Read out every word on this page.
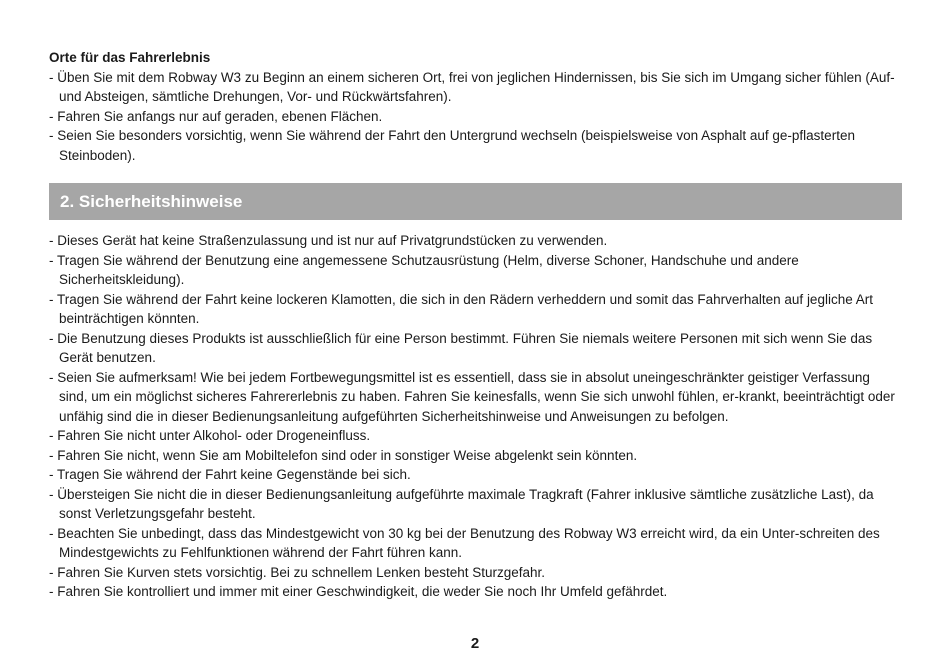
Orte für das Fahrerlebnis

- Üben Sie mit dem Robway W3 zu Beginn an einem sicheren Ort, frei von jeglichen Hindernissen, bis Sie sich im Umgang sicher fühlen (Auf- und Absteigen, sämtliche Drehungen, Vor- und Rückwärtsfahren).
- Fahren Sie anfangs nur auf geraden, ebenen Flächen.
- Seien Sie besonders vorsichtig, wenn Sie während der Fahrt den Untergrund wechseln (beispielsweise von Asphalt auf ge-pflasterten Steinboden).
2. Sicherheitshinweise
- Dieses Gerät hat keine Straßenzulassung und ist nur auf Privatgrundstücken zu verwenden.
- Tragen Sie während der Benutzung eine angemessene Schutzausrüstung (Helm, diverse Schoner, Handschuhe und andere Sicherheitskleidung).
- Tragen Sie während der Fahrt keine lockeren Klamotten, die sich in den Rädern verheddern und somit das Fahrverhalten auf jegliche Art beinträchtigen könnten.
- Die Benutzung dieses Produkts ist ausschließlich für eine Person bestimmt. Führen Sie niemals weitere Personen mit sich wenn Sie das Gerät benutzen.
- Seien Sie aufmerksam! Wie bei jedem Fortbewegungsmittel ist es essentiell, dass sie in absolut uneingeschränkter geistiger Verfassung sind, um ein möglichst sicheres Fahrererlebnis zu haben. Fahren Sie keinesfalls, wenn Sie sich unwohl fühlen, er-krankt, beeinträchtigt oder unfähig sind die in dieser Bedienungsanleitung aufgeführten Sicherheitshinweise und Anweisungen zu befolgen.
- Fahren Sie nicht unter Alkohol- oder Drogeneinfluss.
- Fahren Sie nicht, wenn Sie am Mobiltelefon sind oder in sonstiger Weise abgelenkt sein könnten.
- Tragen Sie während der Fahrt keine Gegenstände bei sich.
- Übersteigen Sie nicht die in dieser Bedienungsanleitung aufgeführte maximale Tragkraft (Fahrer inklusive sämtliche zusätzliche Last), da sonst Verletzungsgefahr besteht.
- Beachten Sie unbedingt, dass das Mindestgewicht von 30 kg bei der Benutzung des Robway W3 erreicht wird, da ein Unter-schreiten des Mindestgewichts zu Fehlfunktionen während der Fahrt führen kann.
- Fahren Sie Kurven stets vorsichtig. Bei zu schnellem Lenken besteht Sturzgefahr.
- Fahren Sie kontrolliert und immer mit einer Geschwindigkeit, die weder Sie noch Ihr Umfeld gefährdet.
2
